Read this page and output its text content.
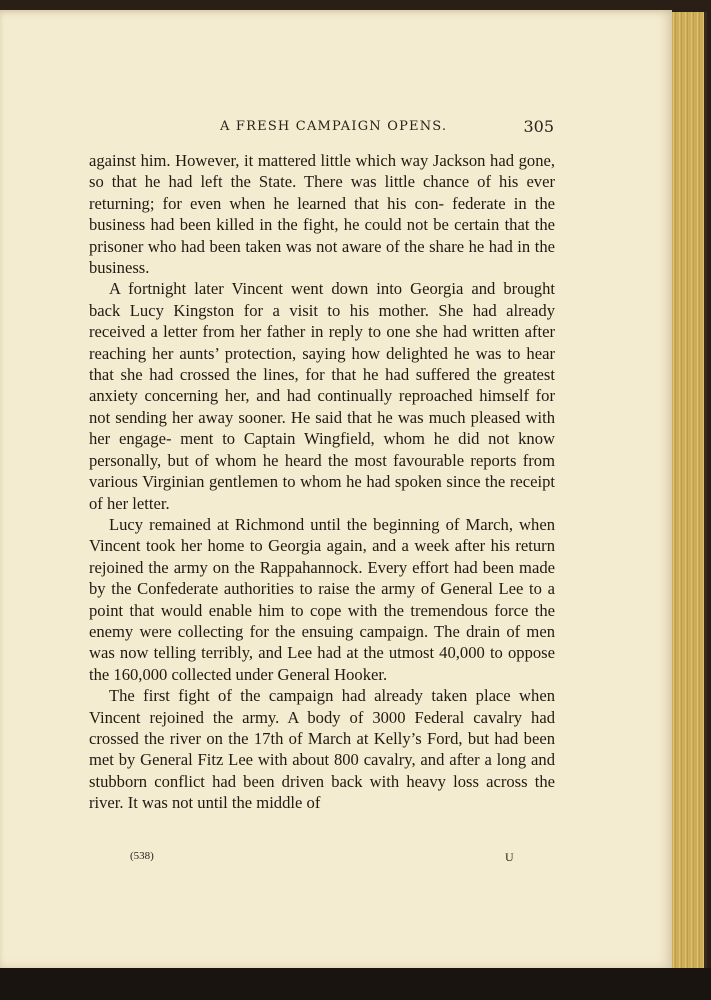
A FRESH CAMPAIGN OPENS.	305

against him. However, it mattered little which way Jackson had gone, so that he had left the State. There was little chance of his ever returning; for even when he learned that his con- federate in the business had been killed in the fight, he could not be certain that the prisoner who had been taken was not aware of the share he had in the business.

A fortnight later Vincent went down into Georgia and brought back Lucy Kingston for a visit to his mother. She had already received a letter from her father in reply to one she had written after reaching her aunts’ protection, saying how delighted he was to hear that she had crossed the lines, for that he had suffered the greatest anxiety concerning her, and had continually reproached himself for not sending her away sooner. He said that he was much pleased with her engage- ment to Captain Wingfield, whom he did not know personally, but of whom he heard the most favourable reports from various Virginian gentlemen to whom he had spoken since the receipt of her letter.

Lucy remained at Richmond until the beginning of March, when Vincent took her home to Georgia again, and a week after his return rejoined the army on the Rappahannock. Every effort had been made by the Confederate authorities to raise the army of General Lee to a point that would enable him to cope with the tremendous force the enemy were collecting for the ensuing campaign. The drain of men was now telling terribly, and Lee had at the utmost 40,000 to oppose the 160,000 collected under General Hooker.

The first fight of the campaign had already taken place when Vincent rejoined the army. A body of 3000 Federal cavalry had crossed the river on the 17th of March at Kelly’s Ford, but had been met by General Fitz Lee with about 800 cavalry, and after a long and stubborn conflict had been driven back with heavy loss across the river. It was not until the middle of

(538)	U
